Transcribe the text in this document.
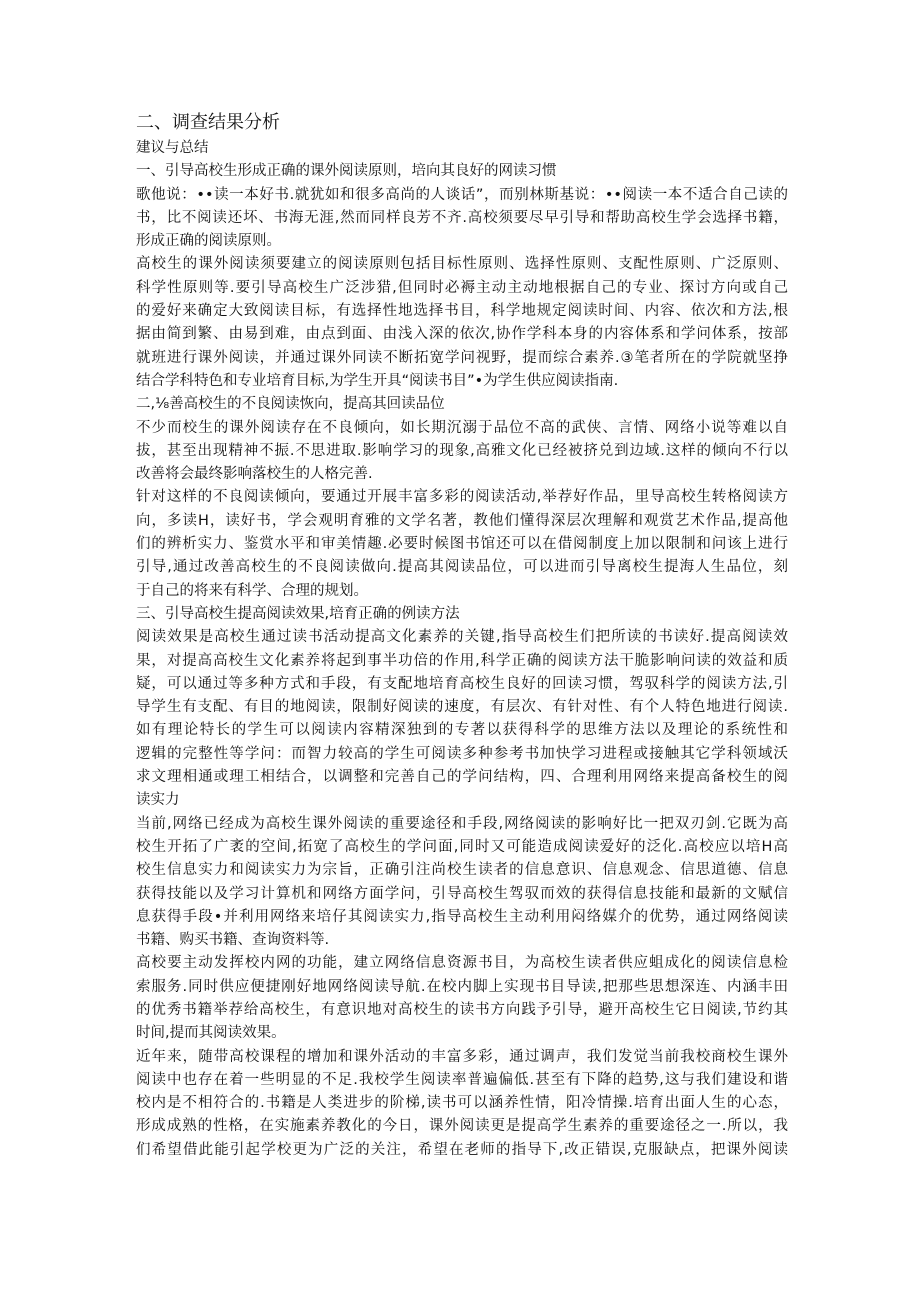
二、调查结果分析

建议与总结

一、引导高校生形成正确的课外阅读原则，培向其良好的网读习惯

歌他说：••读一本好书.就犹如和很多高尚的人谈话”，而别林斯基说：••阅读一本不适合自己读的

书，比不阅读还坏、书海无涯,然而同样良芳不齐.高校须要尽早引导和帮助高校生学会选择书籍，

形成正确的阅读原则。

高校生的课外阅读须要建立的阅读原则包括目标性原则、选择性原则、支配性原则、广泛原则、

科学性原则等.要引导高校生广泛涉猎,但同时必褥主动主动地根据自己的专业、探讨方向或自己

的爱好来确定大致阅读目标，有选择性地选择书目，科学地规定阅读时间、内容、依次和方法,根

据由简到繁、由易到难，由点到面、由浅入深的依次,协作学科本身的内容体系和学问体系，按部

就班进行课外阅读，并通过课外同读不断拓宽学问视野，提而综合素养.③笔者所在的学院就坚挣

结合学科特色和专业培育目标,为学生开具“阅读书目”•为学生供应阅读指南.

二,⅛善高校生的不良阅读恢向，提高其回读品位

不少而校生的课外阅读存在不良倾向，如长期沉溺于品位不高的武侠、言情、网络小说等难以自

拔，甚至出现精神不振.不思进取.影响学习的现象,高雅文化已经被挤兑到边域.这样的倾向不行以

改善将会最终影响落校生的人格完善.

针对这样的不良阅读倾向，要通过开展丰富多彩的阅读活动,举荐好作品，里导高校生转格阅读方

向，多读H，读好书，学会观明育雅的文学名著，教他们懂得深层次理解和观赏艺术作品,提高他

们的辨析实力、鉴赏水平和审美情趣.必要时候图书馆还可以在借阅制度上加以限制和问该上进行

引导,通过改善高校生的不良阅读做向.提高其阅读品位，可以进而引导离校生提海人生品位，刻

于自己的将来有科学、合理的规划。

三、引导高校生提高阅读效果,培育正确的例读方法

阅读效果是高校生通过读书活动提高文化素养的关键,指导高校生们把所读的书读好.提高阅读效

果，对提高高校生文化素养将起到事半功倍的作用,科学正确的阅读方法干脆影响问读的效益和质

疑，可以通过等多种方式和手段，有支配地培育高校生良好的回读习惯，驾驭科学的阅读方法,引

导学生有支配、有目的地阅读，限制好阅读的速度，有层次、有针对性、有个人特色地进行阅读.

如有理论特长的学生可以阅读内容精深独到的专著以获得科学的思维方法以及理论的系统性和

逻辑的完整性等学问：而智力较高的学生可阅读多种参考书加快学习进程或接触其它学科领域沃

求文理相通或理工相结合，以调整和完善自己的学问结构，四、合理利用网络来提高备校生的阅

读实力

当前,网络已经成为高校生课外阅读的重要途径和手段,网络阅读的影响好比一把双刃剑.它既为高

校生开拓了广袤的空间,拓宽了高校生的学问面,同时又可能造成阅读爱好的泛化.高校应以培H高

校生信息实力和阅读实力为宗旨，正确引注尚校生读者的信息意识、信息观念、信思道德、信息

获得技能以及学习计算机和网络方面学问，引导高校生驾驭而效的获得信息技能和最新的文赋信

息获得手段•并利用网络来培仔其阅读实力,指导高校生主动利用闷络媒介的优势，通过网络阅读

书籍、购买书籍、查询资料等.

高校要主动发挥校内网的功能，建立网络信息资源书目，为高校生读者供应蛆成化的阅读信息检

索服务.同时供应便捷刚好地网络阅读导航.在校内脚上实现书目导读,把那些思想深连、内涵丰田

的优秀书籍举荐给高校生，有意识地对高校生的读书方向践予引导，避开高校生它日阅读,节约其

时间,提而其阅读效果。

近年来，随带高校课程的增加和课外活动的丰富多彩，通过调声，我们发觉当前我校商校生课外

阅读中也存在着一些明显的不足.我校学生阅读率普遍偏低.甚至有下降的趋势,这与我们建设和谐

校内是不相符合的.书籍是人类进步的阶梯,读书可以涵养性情，阳冷情操.培育出面人生的心态，

形成成熟的性格，在实施素养教化的今日，课外阅读更是提高学生素养的重要途径之一.所以，我

们希望借此能引起学校更为广泛的关注，希望在老师的指导下,改正错误,克服缺点，把课外阅读
